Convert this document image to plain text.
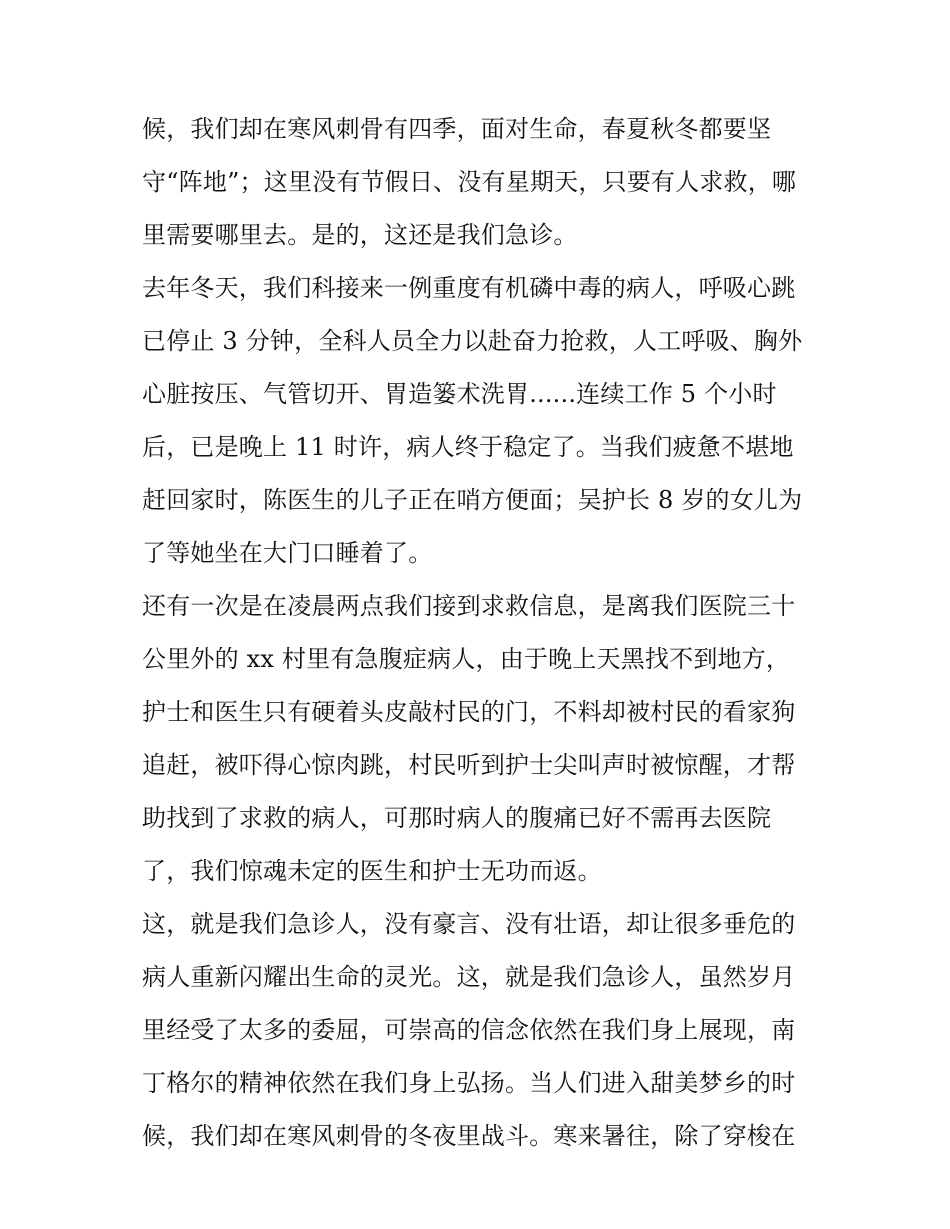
候，我们却在寒风刺骨有四季，面对生命，春夏秋冬都要坚
守“阵地”；这里没有节假日、没有星期天，只要有人求救，哪
里需要哪里去。是的，这还是我们急诊。
去年冬天，我们科接来一例重度有机磷中毒的病人，呼吸心跳
已停止 3 分钟，全科人员全力以赴奋力抢救，人工呼吸、胸外
心脏按压、气管切开、胃造篓术洗胃......连续工作 5 个小时
后，已是晚上 11 时许，病人终于稳定了。当我们疲惫不堪地
赶回家时，陈医生的儿子正在哨方便面；吴护长 8 岁的女儿为
了等她坐在大门口睡着了。
还有一次是在凌晨两点我们接到求救信息，是离我们医院三十
公里外的 xx 村里有急腹症病人，由于晚上天黑找不到地方，
护士和医生只有硬着头皮敲村民的门，不料却被村民的看家狗
追赶，被吓得心惊肉跳，村民听到护士尖叫声时被惊醒，才帮
助找到了求救的病人，可那时病人的腹痛已好不需再去医院
了，我们惊魂未定的医生和护士无功而返。
这，就是我们急诊人，没有豪言、没有壮语，却让很多垂危的
病人重新闪耀出生命的灵光。这，就是我们急诊人，虽然岁月
里经受了太多的委屈，可崇高的信念依然在我们身上展现，南
丁格尔的精神依然在我们身上弘扬。当人们进入甜美梦乡的时
候，我们却在寒风刺骨的冬夜里战斗。寒来暑往，除了穿梭在
